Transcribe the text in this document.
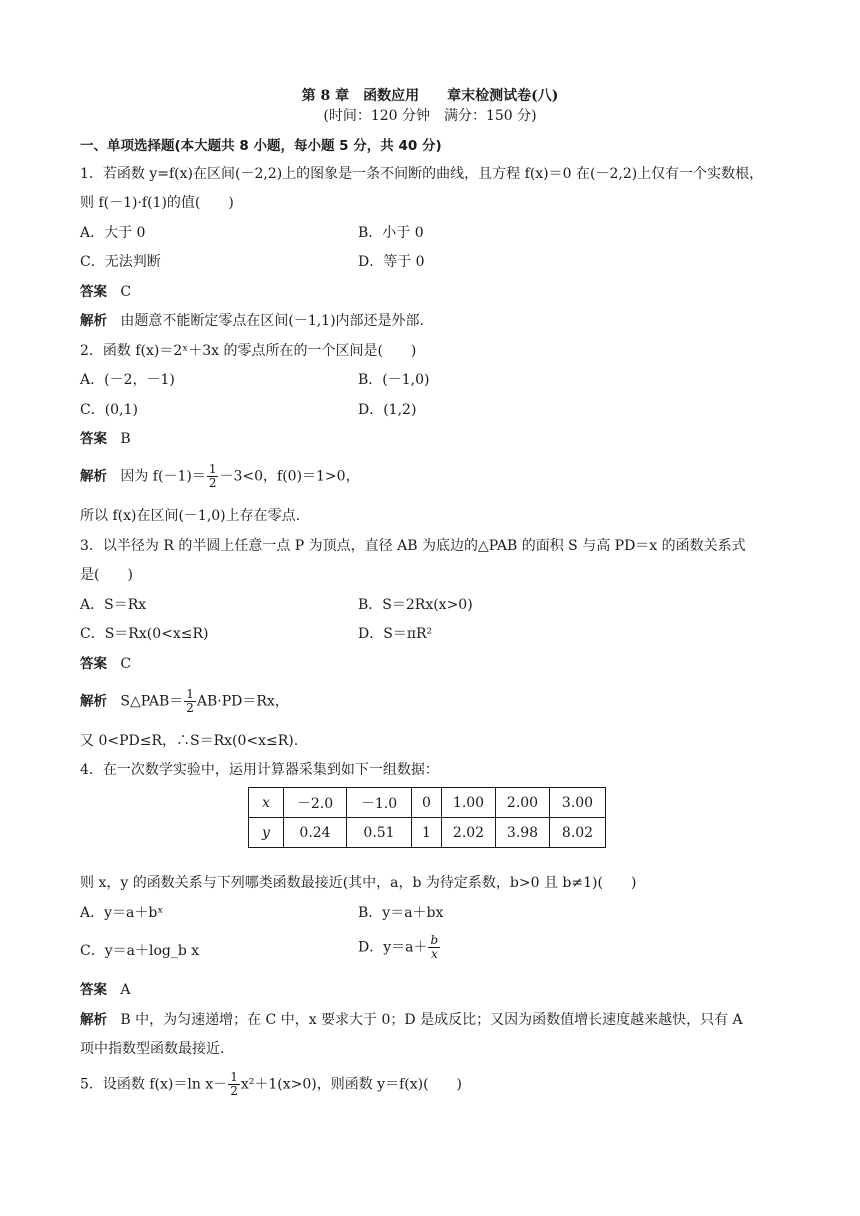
第 8 章　函数应用　　章末检测试卷(八)
(时间：120 分钟　满分：150 分)
一、单项选择题(本大题共 8 小题，每小题 5 分，共 40 分)
1．若函数 y=f(x)在区间(－2,2)上的图象是一条不间断的曲线，且方程 f(x)＝0 在(－2,2)上仅有一个实数根，
则 f(－1)·f(1)的值(　　)
A．大于 0	B．小于 0
C．无法判断	D．等于 0
答案 C
解析 由题意不能断定零点在区间(－1,1)内部还是外部.
2．函数 f(x)＝2ˣ＋3x 的零点所在的一个区间是(　　)
A．(－2，－1)	B．(－1,0)
C．(0,1)	D．(1,2)
答案 B
解析 因为 $f(-1)= \frac{1}{2} -3<0$，f(0)＝1>0，
所以 f(x)在区间(－1,0)上存在零点.
3．以半径为 R 的半圆上任意一点 P 为顶点，直径 AB 为底边的△PAB 的面积 S 与高 PD＝x 的函数关系式
是(　　)
A．S＝Rx	B．S＝2Rx(x>0)
C．S＝Rx(0<x≤R)	D．S＝πR²
答案 C
解析 S△PAB＝ $\frac{1}{2} AB\cdot PD=Rx$，
又 0<PD≤R，∴S＝Rx(0<x≤R).
4．在一次数学实验中，运用计算器采集到如下一组数据：
x	－2.0	－1.0	0	1.00	2.00	3.00
y	0.24	0.51	1	2.02	3.98	8.02
则 x，y 的函数关系与下列哪类函数最接近(其中，a，b 为待定系数，b>0 且 b≠1)(　　)
A．y＝a＋bˣ	B．y＝a＋bx
C．y＝a＋log_b x	D．$y=a+ \frac{b}{x}$
答案 A
解析 B 中，为匀速递增；在 C 中，x 要求大于 0；D 是成反比；又因为函数值增长速度越来越快，只有 A
项中指数型函数最接近.
5．设函数 f(x)＝ln $x- \frac{1}{2} x^2+1(x>0)$，则函数 y＝f(x)(　　)
